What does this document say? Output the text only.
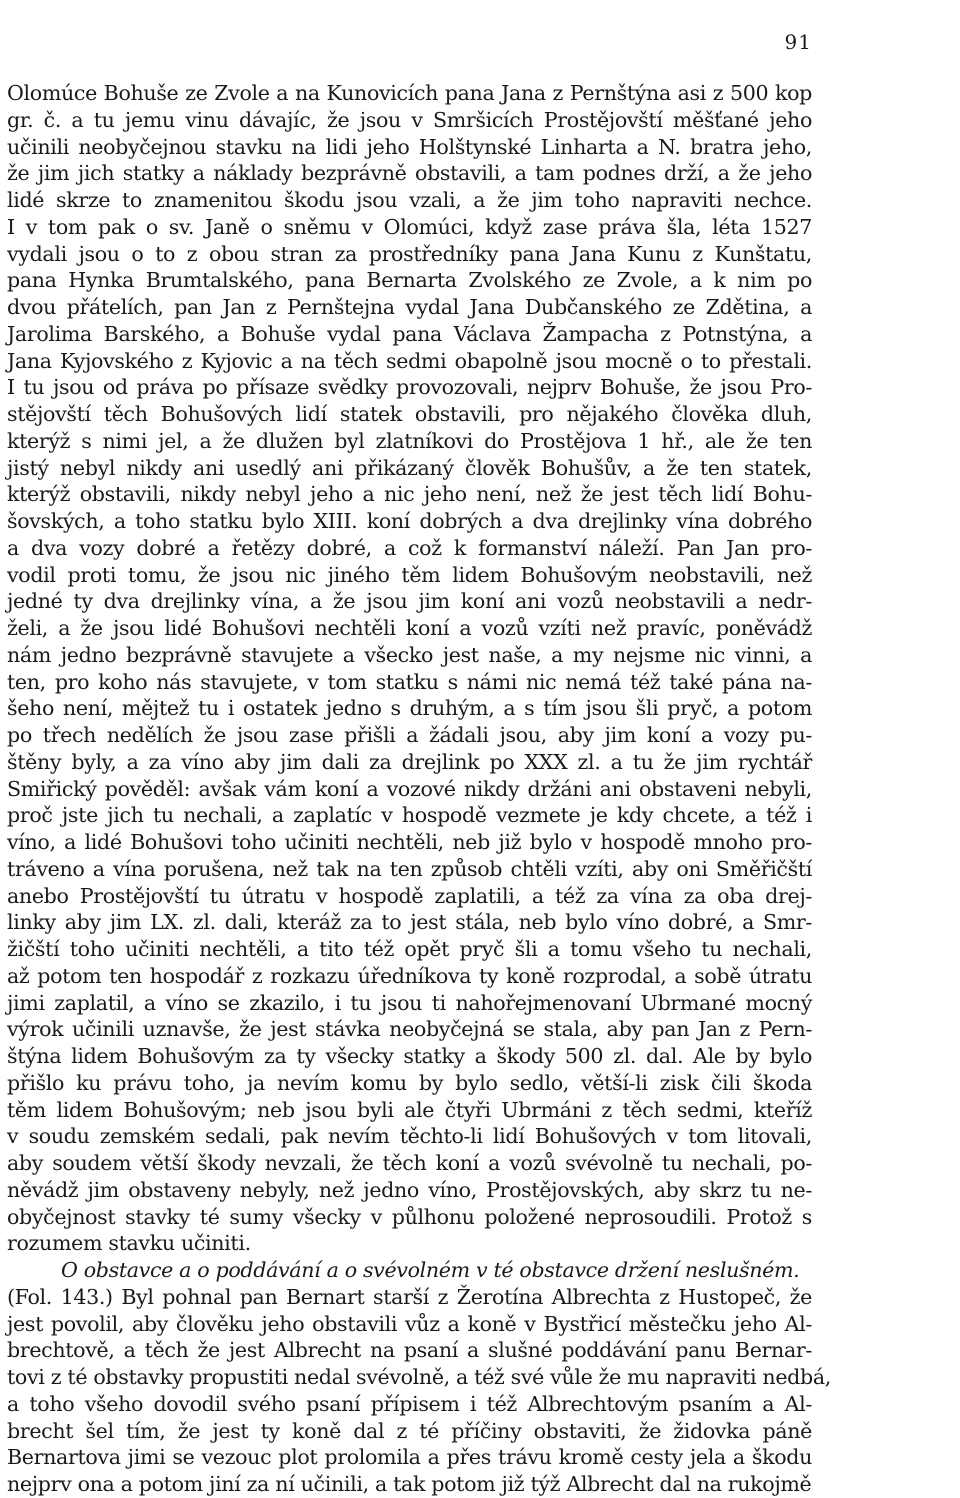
91
Olomúce Bohuše ze Zvole a na Kunovicích pana Jana z Pernštýna asi z 500 kop
gr. č. a tu jemu vinu dávajíc, že jsou v Smršicích Prostějovští měšťané jeho
učinili neobyčejnou stavku na lidi jeho Holštynské Linharta a N. bratra jeho,
že jim jich statky a náklady bezprávně obstavili, a tam podnes drží, a že jeho
lidé skrze to znamenitou škodu jsou vzali, a že jim toho napraviti nechce.
I v tom pak o sv. Janě o sněmu v Olomúci, když zase práva šla, léta 1527
vydali jsou o to z obou stran za prostředníky pana Jana Kunu z Kunštatu,
pana Hynka Brumtalského, pana Bernarta Zvolského ze Zvole, a k nim po
dvou přátelích, pan Jan z Pernštejna vydal Jana Dubčanského ze Zdětina, a
Jarolima Barského, a Bohuše vydal pana Václava Žampacha z Potnstýna, a
Jana Kyjovského z Kyjovic a na těch sedmi obapolně jsou mocně o to přestali.
I tu jsou od práva po přísaze svědky provozovali, nejprv Bohuše, že jsou Pro-
stějovští těch Bohušových lidí statek obstavili, pro nějakého člověka dluh,
kterýž s nimi jel, a že dlužen byl zlatníkovi do Prostějova 1 hř., ale že ten
jistý nebyl nikdy ani usedlý ani přikázaný člověk Bohušův, a že ten statek,
kterýž obstavili, nikdy nebyl jeho a nic jeho není, než že jest těch lidí Bohu-
šovských, a toho statku bylo XIII. koní dobrých a dva drejlinky vína dobrého
a dva vozy dobré a řetězy dobré, a což k formanství náleží. Pan Jan pro-
vodil proti tomu, že jsou nic jiného těm lidem Bohušovým neobstavili, než
jedné ty dva drejlinky vína, a že jsou jim koní ani vozů neobstavili a nedr-
želi, a že jsou lidé Bohušovi nechtěli koní a vozů vzíti než pravíc, poněvádž
nám jedno bezprávně stavujete a všecko jest naše, a my nejsme nic vinni, a
ten, pro koho nás stavujete, v tom statku s námi nic nemá též také pána na-
šeho není, mějtež tu i ostatek jedno s druhým, a s tím jsou šli pryč, a potom
po třech nedělích že jsou zase přišli a žádali jsou, aby jim koní a vozy pu-
štěny byly, a za víno aby jim dali za drejlink po XXX zl. a tu že jim rychtář
Smiřický pověděl: avšak vám koní a vozové nikdy držáni ani obstaveni nebyli,
proč jste jich tu nechali, a zaplatíc v hospodě vezmete je kdy chcete, a též i
víno, a lidé Bohušovi toho učiniti nechtěli, neb již bylo v hospodě mnoho pro-
tráveno a vína porušena, než tak na ten způsob chtěli vzíti, aby oni Směřičští
anebo Prostějovští tu útratu v hospodě zaplatili, a též za vína za oba drej-
linky aby jim LX. zl. dali, kteráž za to jest stála, neb bylo víno dobré, a Smr-
žičští toho učiniti nechtěli, a tito též opět pryč šli a tomu všeho tu nechali,
až potom ten hospodář z rozkazu úředníkova ty koně rozprodal, a sobě útratu
jimi zaplatil, a víno se zkazilo, i tu jsou ti nahořejmenovaní Ubrmané mocný
výrok učinili uznavše, že jest stávka neobyčejná se stala, aby pan Jan z Pern-
štýna lidem Bohušovým za ty všecky statky a škody 500 zl. dal. Ale by bylo
přišlo ku právu toho, ja nevím komu by bylo sedlo, větší-li zisk čili škoda
těm lidem Bohušovým; neb jsou byli ale čtyři Ubrmáni z těch sedmi, kteříž
v soudu zemském sedali, pak nevím těchto-li lidí Bohušových v tom litovali,
aby soudem větší škody nevzali, že těch koní a vozů svévolně tu nechali, po-
něvádž jim obstaveny nebyly, než jedno víno, Prostějovských, aby skrz tu ne-
obyčejnost stavky té sumy všecky v půlhonu položené neprosoudili. Protož s
rozumem stavku učiniti.
O obstavce a o poddávání a o svévolném v té obstavce držení neslušném.
(Fol. 143.) Byl pohnal pan Bernart starší z Žerotína Albrechta z Hustopeč, že
jest povolil, aby člověku jeho obstavili vůz a koně v Bystřicí městečku jeho Al-
brechtově, a těch že jest Albrecht na psaní a slušné poddávání panu Bernar-
tovi z té obstavky propustiti nedal svévolně, a též své vůle že mu napraviti nedbá,
a toho všeho dovodil svého psaní přípisem i též Albrechtovým psaním a Al-
brecht šel tím, že jest ty koně dal z té příčiny obstaviti, že židovka páně
Bernartova jimi se vezouc plot prolomila a přes trávu kromě cesty jela a škodu
nejprv ona a potom jiní za ní učinili, a tak potom již týž Albrecht dal na rukojmě
